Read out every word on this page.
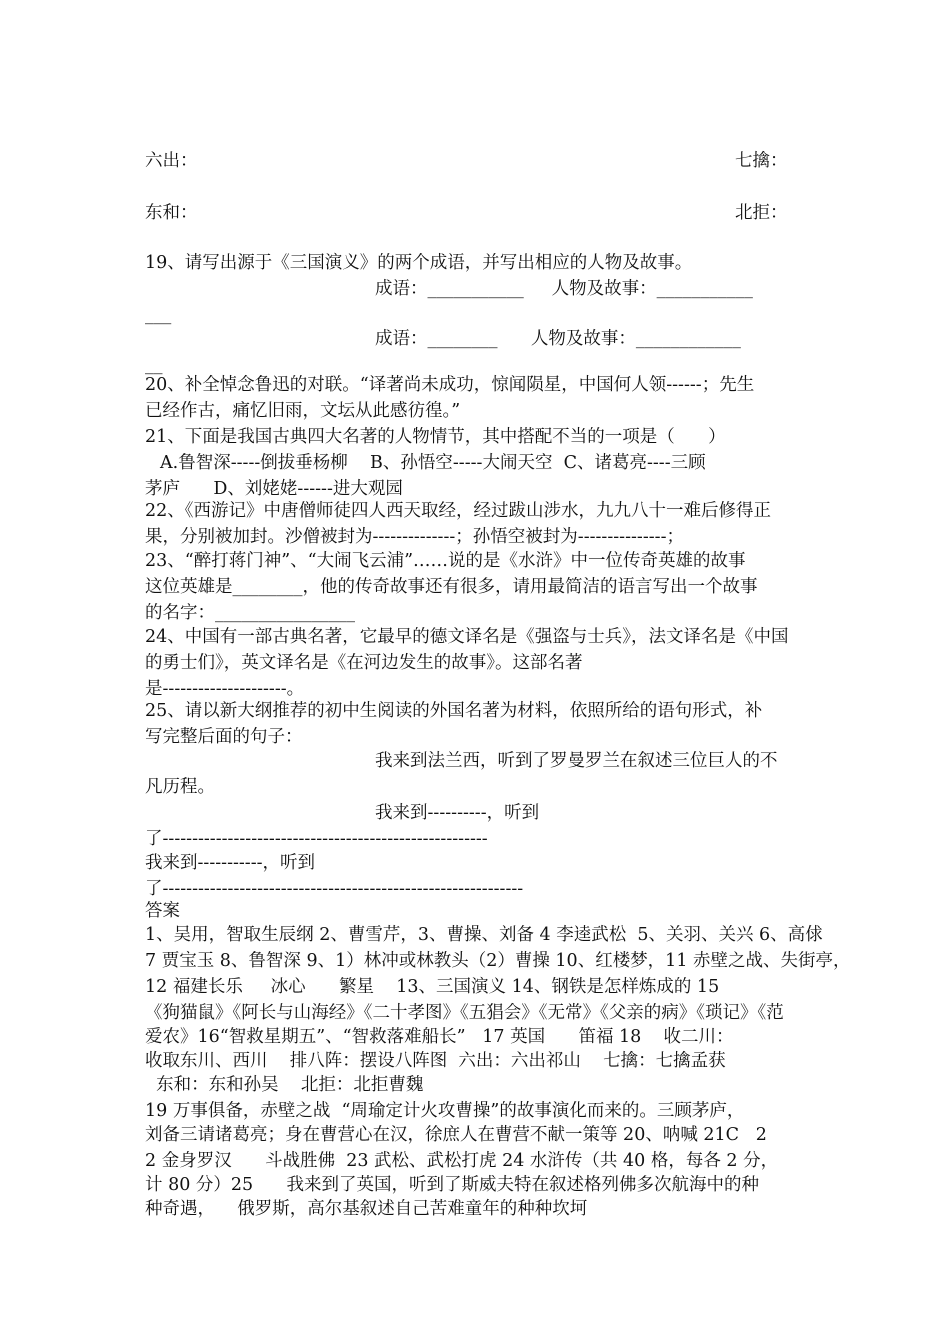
六出：	七擒：
东和：	北拒：
19、请写出源于《三国演义》的两个成语，并写出相应的人物及故事。
成语：___________     人物及故事：___________
___
成语：________      人物及故事：____________
__
20、补全悼念鲁迅的对联。“译著尚未成功，惊闻陨星，中国何人领------；先生
已经作古，痛忆旧雨，文坛从此感彷徨。”
21、下面是我国古典四大名著的人物情节，其中搭配不当的一项是（      ）
A.鲁智深-----倒拔垂杨柳    B、孙悟空-----大闹天空  C、诸葛亮----三顾
茅庐      D、刘姥姥------进大观园
22、《西游记》中唐僧师徒四人西天取经，经过跋山涉水，九九八十一难后修得正
果，分别被加封。沙僧被封为--------------；孙悟空被封为---------------；
23、“醉打蒋门神”、“大闹飞云浦”……说的是《水浒》中一位传奇英雄的故事
这位英雄是________，他的传奇故事还有很多，请用最简洁的语言写出一个故事
的名字：________________
24、中国有一部古典名著，它最早的德文译名是《强盗与士兵》，法文译名是《中国
的勇士们》，英文译名是《在河边发生的故事》。这部名著
是---------------------。
25、请以新大纲推荐的初中生阅读的外国名著为材料，依照所给的语句形式，补
写完整后面的句子：
我来到法兰西，听到了罗曼罗兰在叙述三位巨人的不
凡历程。
我来到----------，听到
了-------------------------------------------------------
我来到-----------，听到
了-------------------------------------------------------------
答案
1、吴用，智取生辰纲 2、曹雪芹，3、曹操、刘备 4 李逵武松  5、关羽、关兴 6、高俅
7 贾宝玉 8、鲁智深 9、1）林冲或林教头（2）曹操 10、红楼梦，11 赤壁之战、失街亭，
12 福建长乐     冰心      繁星    13、三国演义 14、钢铁是怎样炼成的 15
《狗猫鼠》《阿长与山海经》《二十孝图》《五猖会》《无常》《父亲的病》《琐记》《范
爱农》16“智救星期五”、“智救落难船长”   17 英国      笛福 18    收二川：
收取东川、西川    排八阵：摆设八阵图  六出：六出祁山    七擒：七擒孟获
东和：东和孙吴    北拒：北拒曹魏
19 万事俱备，赤壁之战  “周瑜定计火攻曹操”的故事演化而来的。三顾茅庐，
刘备三请诸葛亮；身在曹营心在汉，徐庶人在曹营不献一策等 20、呐喊 21C   2
2 金身罗汉      斗战胜佛  23 武松、武松打虎 24 水浒传（共 40 格，每各 2 分，
计 80 分）25      我来到了英国，听到了斯威夫特在叙述格列佛多次航海中的种
种奇遇，    俄罗斯，高尔基叙述自己苦难童年的种种坎坷
